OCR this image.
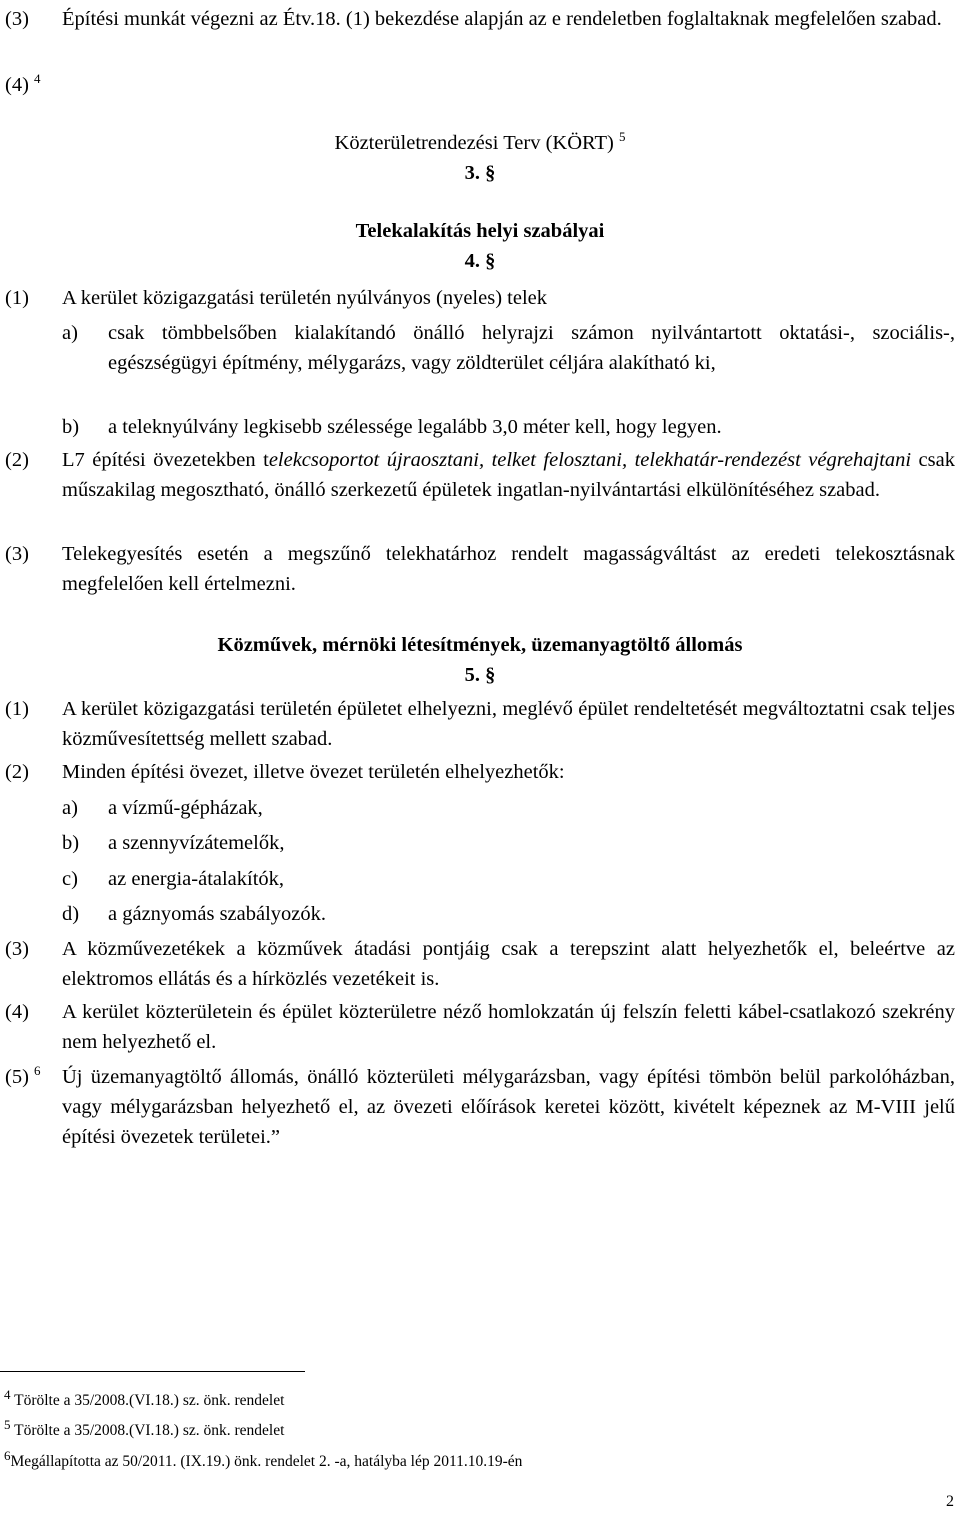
(3) Építési munkát végezni az Étv.18. (1) bekezdése alapján az e rendeletben foglaltaknak megfelelően szabad.
(4) $^4$
Közterületrendezési Terv (KÖRT) $^5$
3. §
Telekalakítás helyi szabályai
4. §
(1) A kerület közigazgatási területén nyúlványos (nyeles) telek
a) csak tömbbelsőben kialakítandó önálló helyrajzi számon nyilvántartott oktatási-, szociális-, egészségügyi építmény, mélygarázs, vagy zöldterület céljára alakítható ki,
b) a teleknyúlvány legkisebb szélessége legalább 3,0 méter kell, hogy legyen.
(2) L7 építési övezetekben telekcsoportot újraosztani, telket felosztani, telekhatár-rendezést végrehajtani csak műszakilag megosztható, önálló szerkezetű épületek ingatlan-nyilvántartási elkülönítéséhez szabad.
(3) Telekegyesítés esetén a megszűnő telekhatárhoz rendelt magasságváltást az eredeti telekosztásnak megfelelően kell értelmezni.
Közművek, mérnöki létesítmények, üzemanyagtöltő állomás
5. §
(1) A kerület közigazgatási területén épületet elhelyezni, meglévő épület rendeltetését megváltoztatni csak teljes közművesítettség mellett szabad.
(2) Minden építési övezet, illetve övezet területén elhelyezhetők:
a) a vízmű-gépházak,
b) a szennyvízátemelők,
c) az energia-átalakítók,
d) a gáznyomás szabályozók.
(3) A közművezetékek a közművek átadási pontjáig csak a terepszint alatt helyezhetők el, beleértve az elektromos ellátás és a hírközlés vezetékeit is.
(4) A kerület közterületein és épület közterületre néző homlokzatán új felszín feletti kábel-csatlakozó szekrény nem helyezhető el.
(5) $^6$ Új üzemanyagtöltő állomás, önálló közterületi mélygarázsban, vagy építési tömbön belül parkolóházban, vagy mélygarázsban helyezhető el, az övezeti előírások keretei között, kivételt képeznek az M-VIII jelű építési övezetek területei.”
$^4$ Törölte a 35/2008.(VI.18.) sz. önk. rendelet
$^5$ Törölte a 35/2008.(VI.18.) sz. önk. rendelet
$^6$Megállapította az 50/2011. (IX.19.) önk. rendelet 2. -a, hatályba lép 2011.10.19-én
2
